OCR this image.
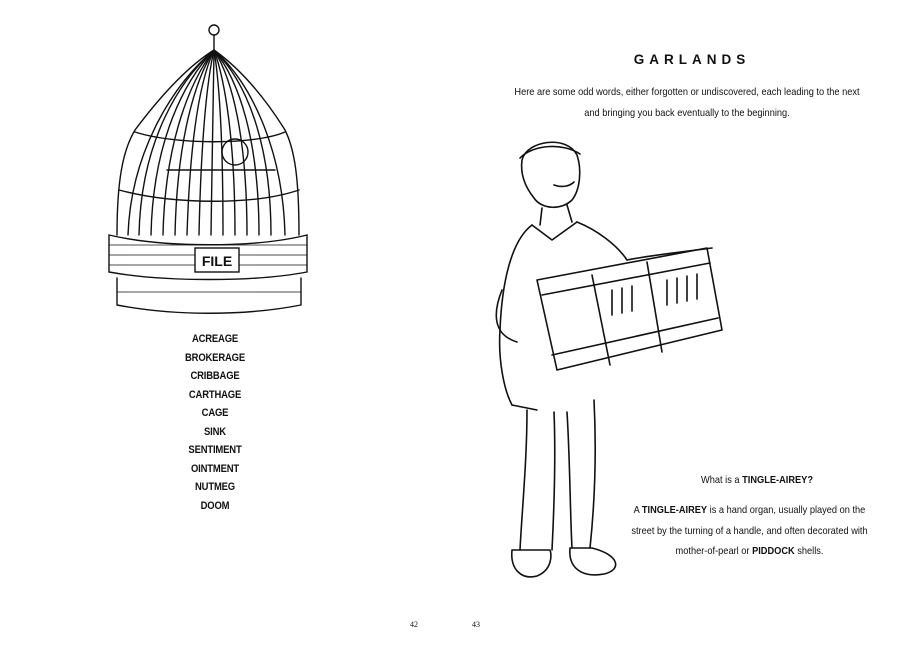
FILE
ACREAGE
BROKERAGE
CRIBBAGE
CARTHAGE
CAGE
SINK
SENTIMENT
OINTMENT
NUTMEG
DOOM
42
GARLANDS
Here are some odd words, either forgotten or undiscovered, each leading to the next
and bringing you back eventually to the beginning.
What is a TINGLE-AIREY?
A TINGLE-AIREY is a hand organ, usually played on the
street by the turning of a handle, and often decorated with
mother-of-pearl or PIDDOCK shells.
43
